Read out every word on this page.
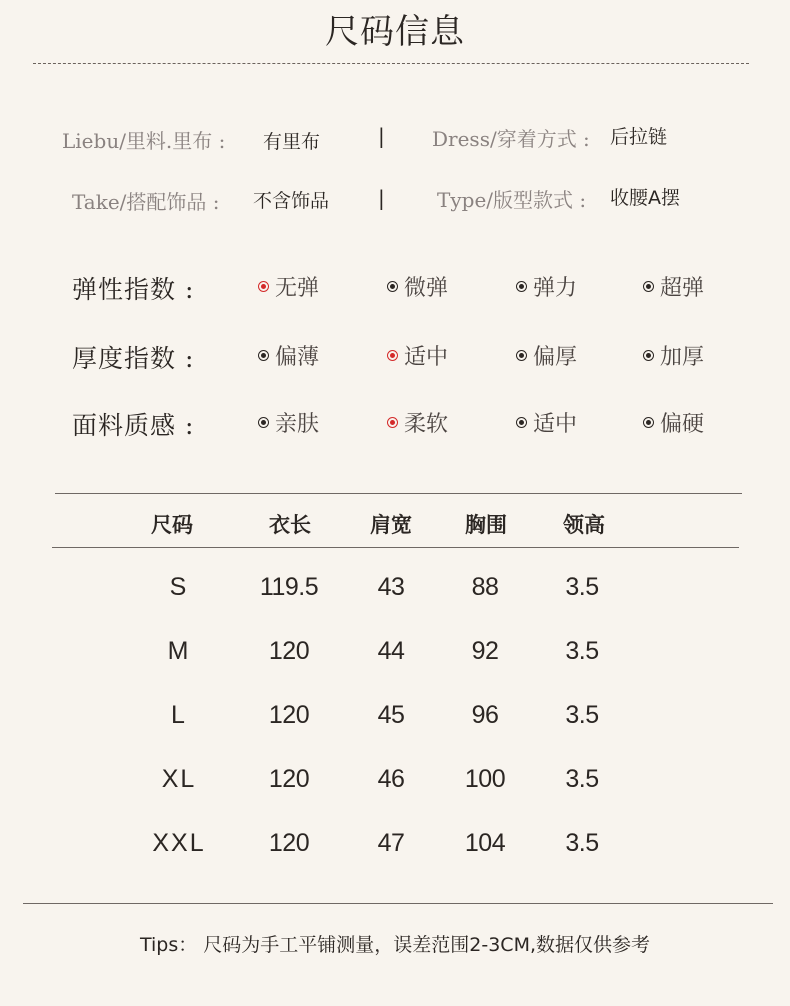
尺码信息
Liebu/里料.里布 : 有里布	| Dress/穿着方式 : 后拉链
Take/搭配饰品 : 不含饰品 |	Type/版型款式 : 收腰A摆
弹性指数 :	无弹	微弹	弹力	超弹
厚度指数 :	偏薄	适中	偏厚	加厚
面料质感 :	亲肤	柔软	适中	偏硬
尺码	衣长	肩宽	胸围	领高
S	119.5	43	88	3.5
M	120	44	92	3.5
L	120	45	96	3.5
XL	120	46	100	3.5
XXL	120	47	104	3.5
Tips： 尺码为手工平铺测量，误差范围2-3CM,数据仅供参考
